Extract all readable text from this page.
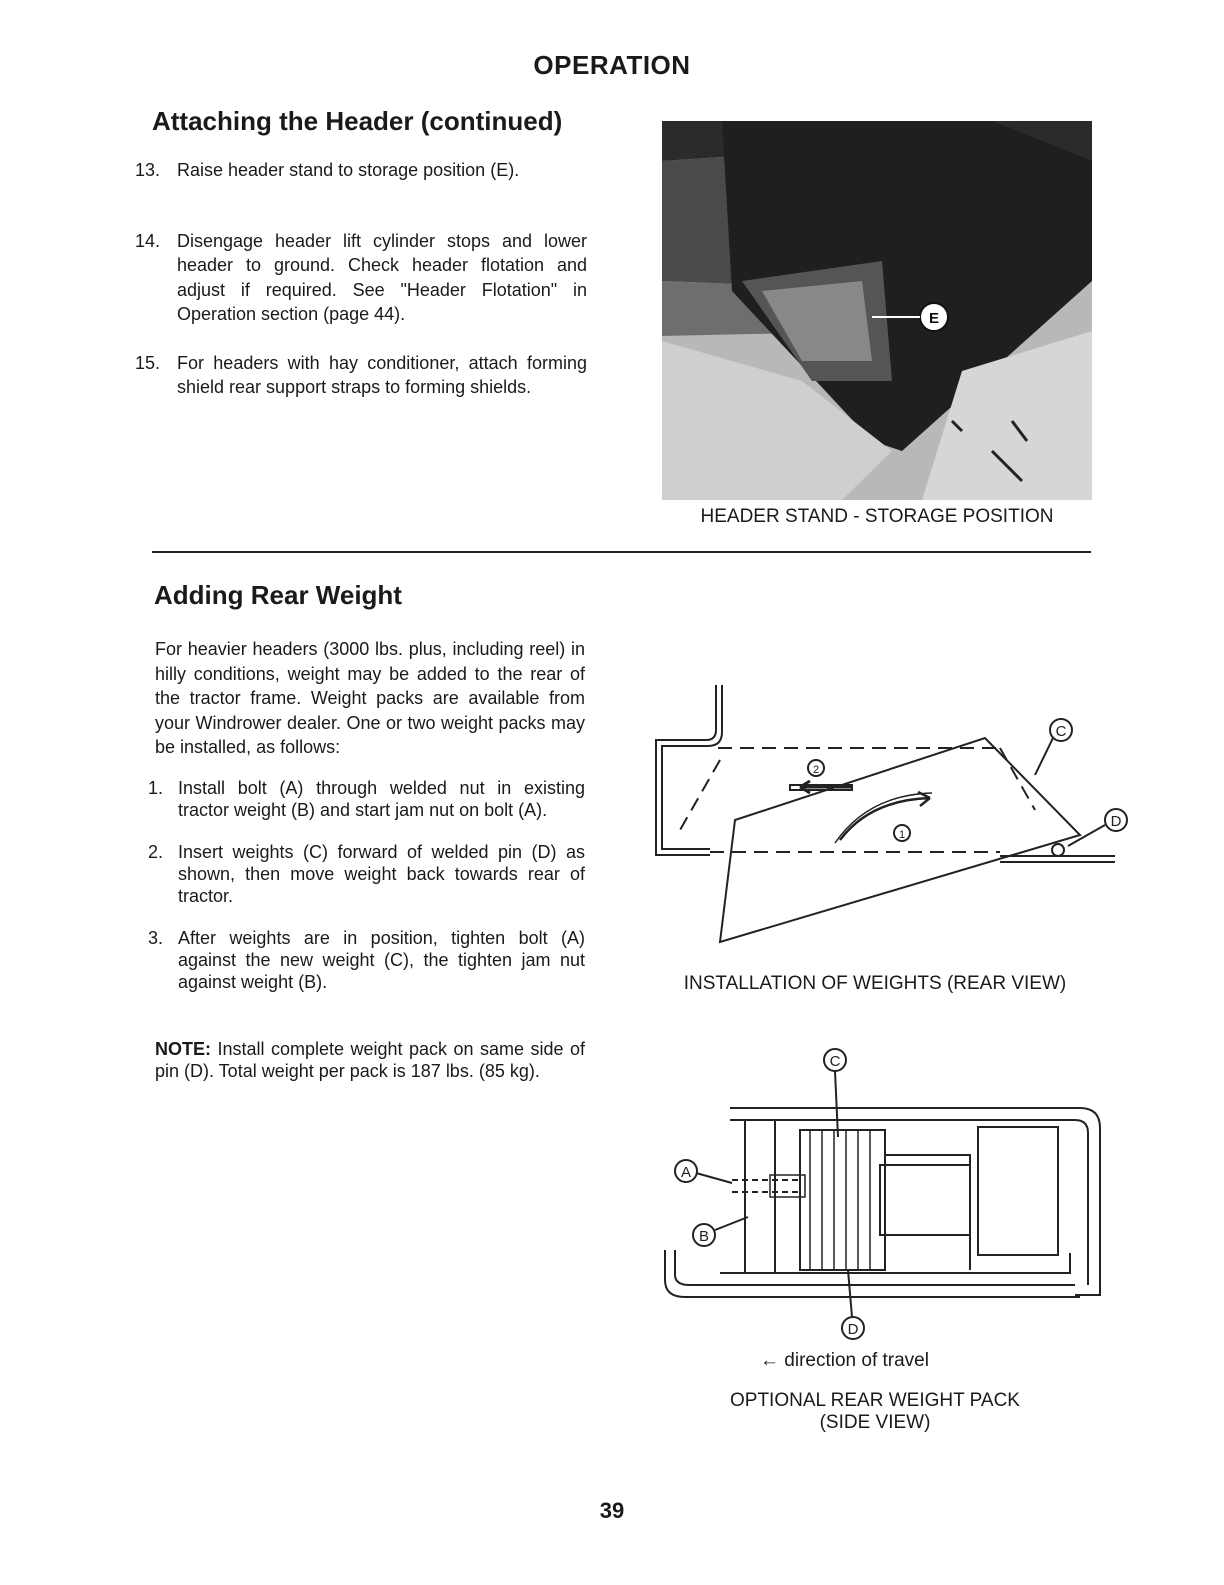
OPERATION
Attaching the Header (continued)
13. Raise header stand to storage position (E).
14. Disengage header lift cylinder stops and lower header to ground. Check header flotation and adjust if required. See "Header Flotation" in Operation section (page 44).
15. For headers with hay conditioner, attach forming shield rear support straps to forming shields.
E
HEADER STAND - STORAGE POSITION
Adding Rear Weight
For heavier headers (3000 lbs. plus, including reel) in hilly conditions, weight may be added to the rear of the tractor frame. Weight packs are available from your Windrower dealer. One or two weight packs may be installed, as follows:
1. Install bolt (A) through welded nut in existing tractor weight (B) and start jam nut on bolt (A).
2. Insert weights (C) forward of welded pin (D) as shown, then move weight back towards rear of tractor.
3. After weights are in position, tighten bolt (A) against the new weight (C), the tighten jam nut against weight (B).
NOTE: Install complete weight pack on same side of pin (D). Total weight per pack is 187 lbs. (85 kg).
2
1
C
D
INSTALLATION OF WEIGHTS (REAR VIEW)
C
A
B
D
← direction of travel
OPTIONAL REAR WEIGHT PACK
(SIDE VIEW)
39
